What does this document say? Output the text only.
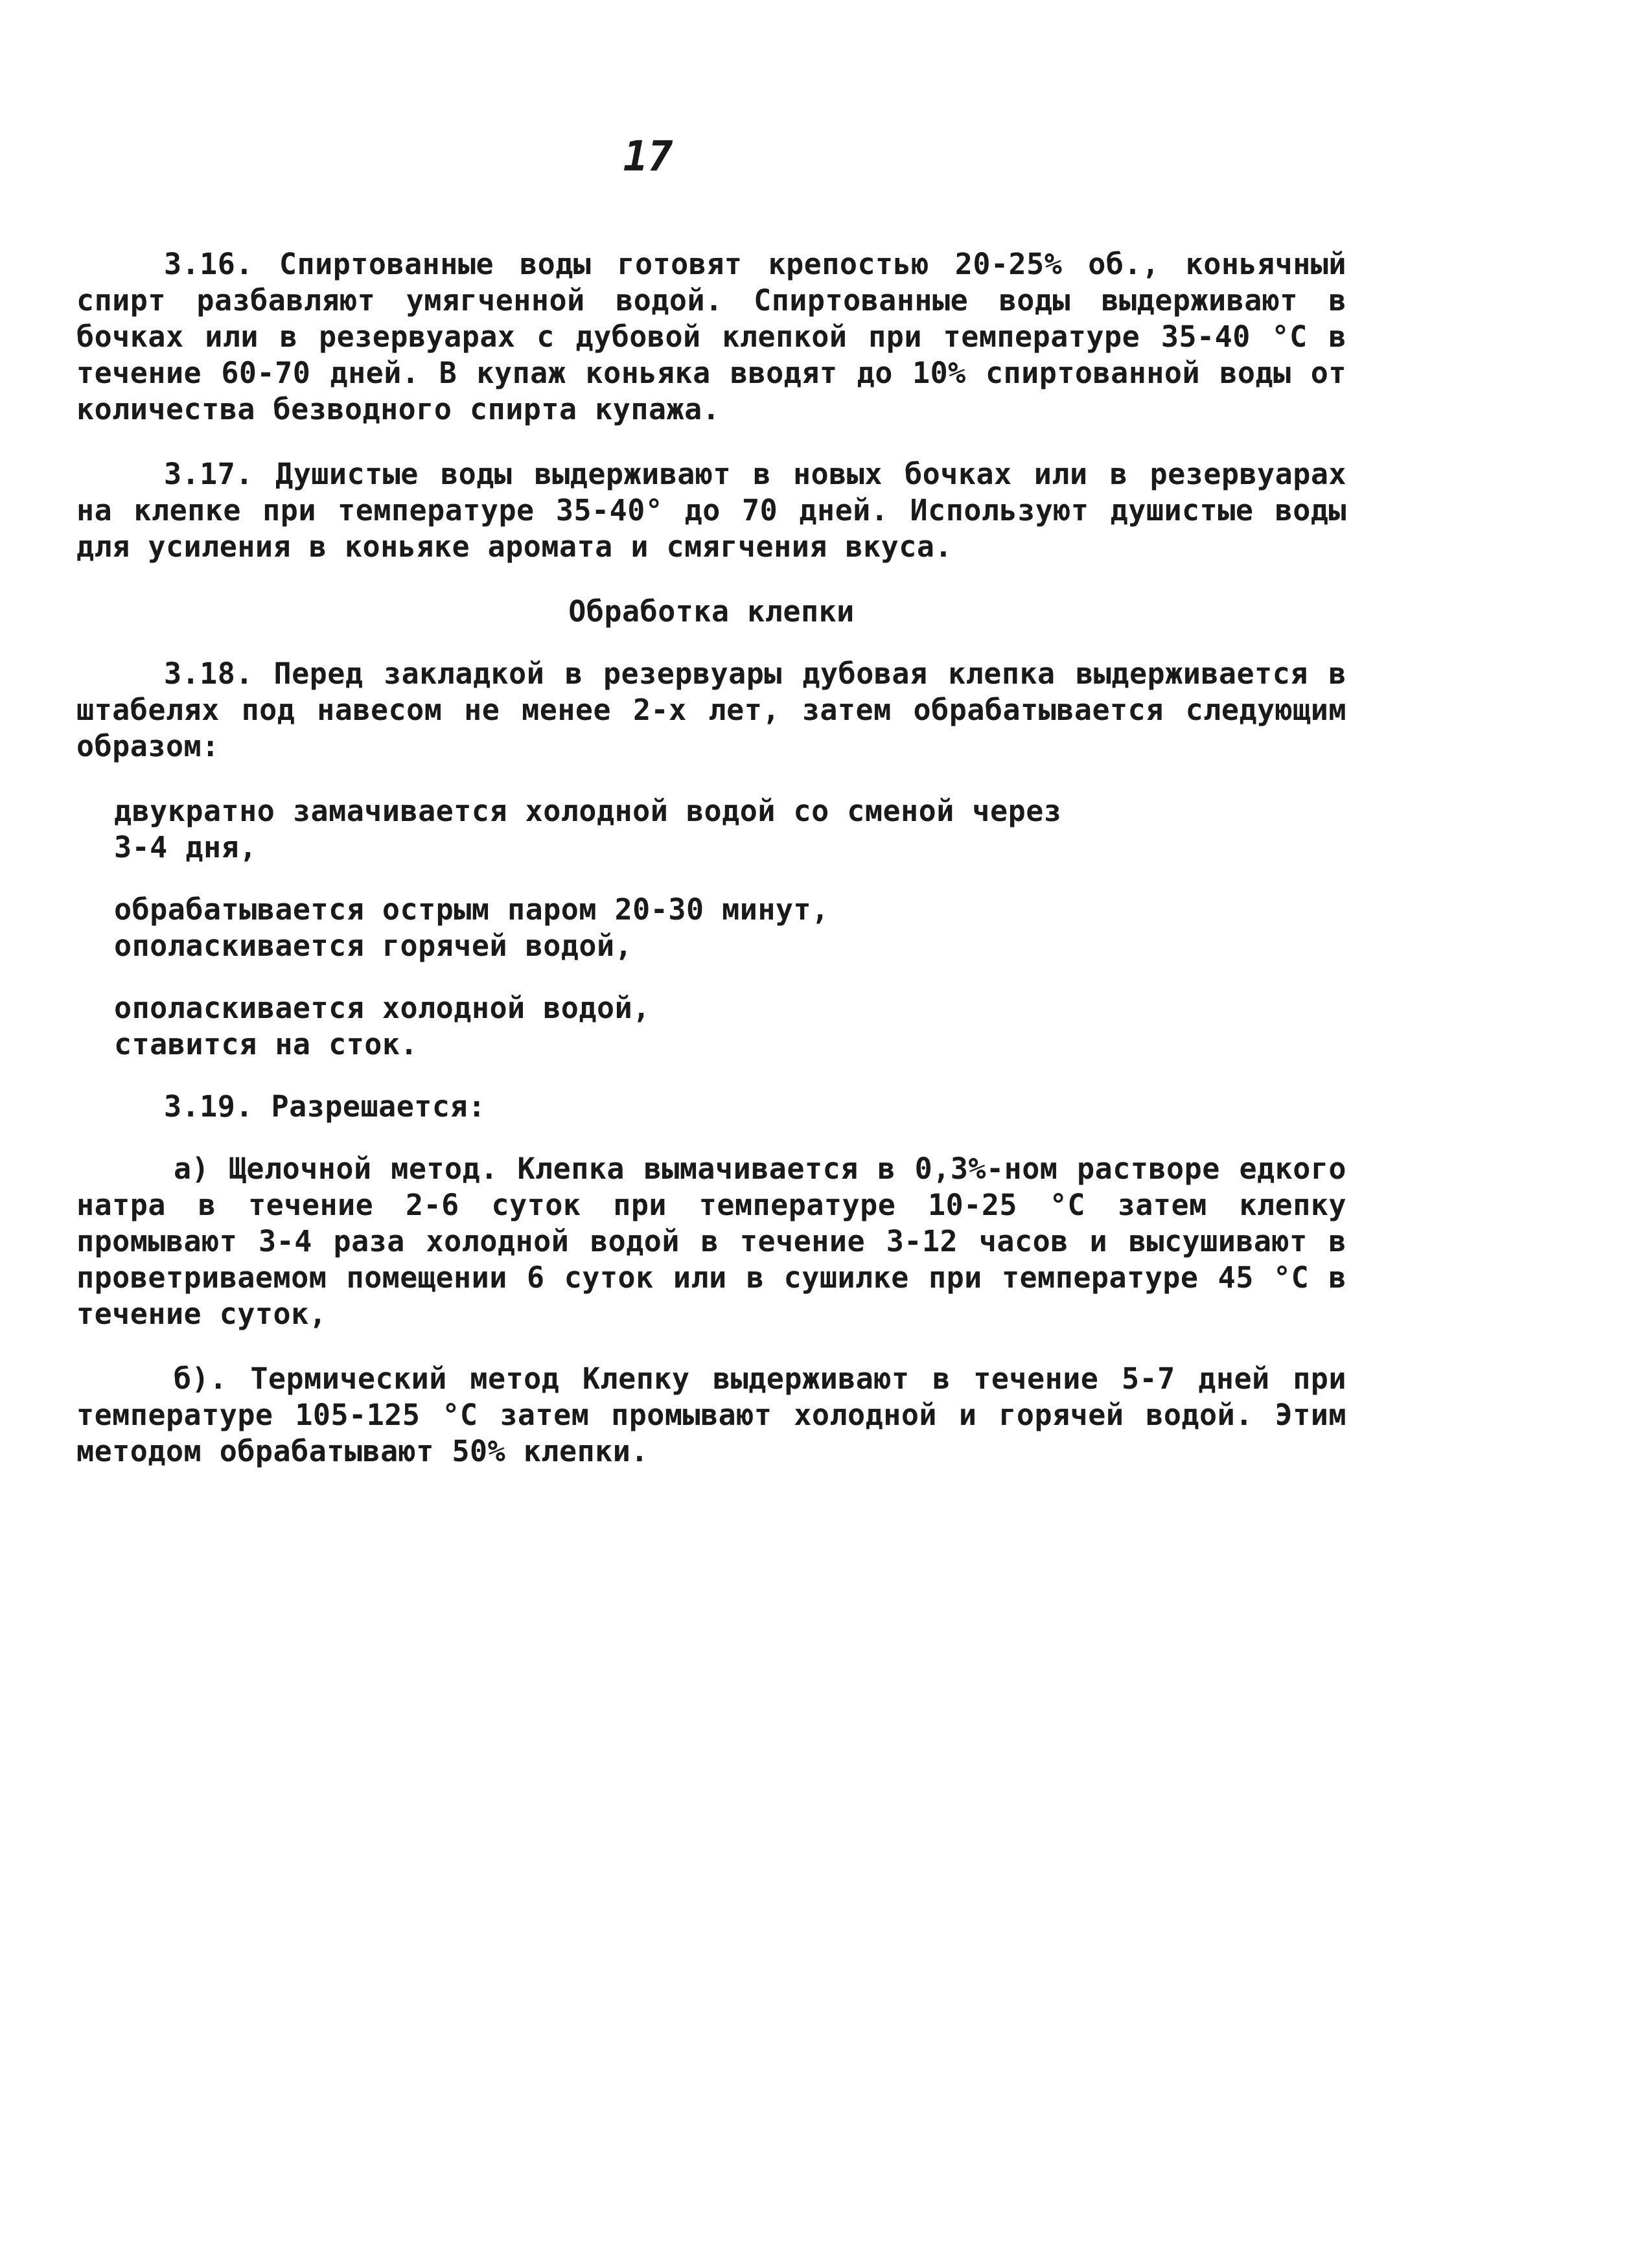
17

3.16. Спиртованные воды готовят крепостью 20-25% об., коньячный спирт разбавляют умягченной водой. Спиртованные воды выдерживают в бочках или в резервуарах с дубовой клепкой при температуре 35-40 °С в течение 60-70 дней. В купаж коньяка вводят до 10% спиртованной воды от количества безводного спирта купажа.

3.17. Душистые воды выдерживают в новых бочках или в резервуарах на клепке при температуре 35-40° до 70 дней. Используют душистые воды для усиления в коньяке аромата и смягчения вкуса.

Обработка клепки

3.18. Перед закладкой в резервуары дубовая клепка выдерживается в штабелях под навесом не менее 2-х лет, затем обрабатывается следующим образом:

двукратно замачивается холодной водой со сменой через
3-4 дня,
обрабатывается острым паром 20-30 минут,
ополаскивается горячей водой,
ополаскивается холодной водой,
ставится на сток.

3.19. Разрешается:

а) Щелочной метод. Клепка вымачивается в 0,3%-ном растворе едкого натра в течение 2-6 суток при температуре 10-25 °С затем клепку промывают 3-4 раза холодной водой в течение 3-12 часов и высушивают в проветриваемом помещении 6 суток или в сушилке при температуре 45 °С в течение суток,

б). Термический метод Клепку выдерживают в течение 5-7 дней при температуре 105-125 °С затем промывают холодной и горячей водой. Этим методом обрабатывают 50% клепки.
